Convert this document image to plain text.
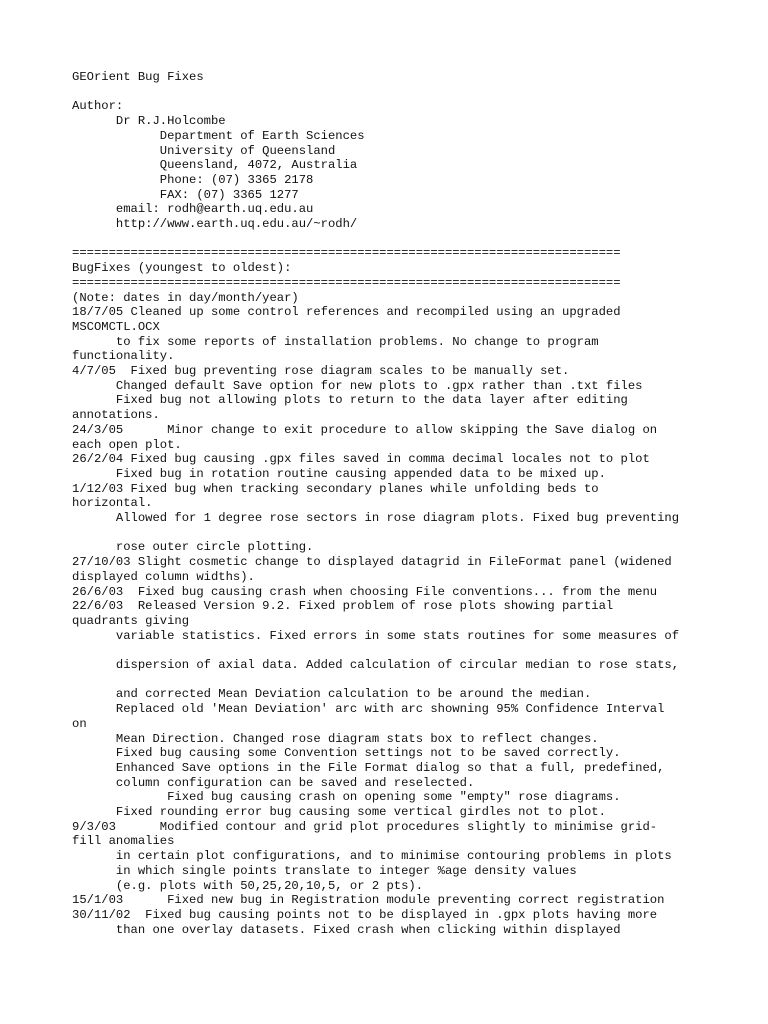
GEOrient Bug Fixes
Author:
Dr R.J.Holcombe
Department of Earth Sciences
University of Queensland
Queensland, 4072, Australia
Phone: (07) 3365 2178
FAX: (07) 3365 1277
email: rodh@earth.uq.edu.au
http://www.earth.uq.edu.au/~rodh/
===========================================================================
BugFixes (youngest to oldest):
===========================================================================
(Note: dates in day/month/year)
18/7/05 Cleaned up some control references and recompiled using an upgraded
MSCOMCTL.OCX
to fix some reports of installation problems. No change to program
functionality.
4/7/05  Fixed bug preventing rose diagram scales to be manually set.
Changed default Save option for new plots to .gpx rather than .txt files
Fixed bug not allowing plots to return to the data layer after editing
annotations.
24/3/05      Minor change to exit procedure to allow skipping the Save dialog on
each open plot.
26/2/04 Fixed bug causing .gpx files saved in comma decimal locales not to plot
Fixed bug in rotation routine causing appended data to be mixed up.
1/12/03 Fixed bug when tracking secondary planes while unfolding beds to
horizontal.
Allowed for 1 degree rose sectors in rose diagram plots. Fixed bug preventing
rose outer circle plotting.
27/10/03 Slight cosmetic change to displayed datagrid in FileFormat panel (widened
displayed column widths).
26/6/03  Fixed bug causing crash when choosing File conventions... from the menu
22/6/03  Released Version 9.2. Fixed problem of rose plots showing partial
quadrants giving
variable statistics. Fixed errors in some stats routines for some measures of
dispersion of axial data. Added calculation of circular median to rose stats,
and corrected Mean Deviation calculation to be around the median.
Replaced old 'Mean Deviation' arc with arc showning 95% Confidence Interval
on
Mean Direction. Changed rose diagram stats box to reflect changes.
Fixed bug causing some Convention settings not to be saved correctly.
Enhanced Save options in the File Format dialog so that a full, predefined,
column configuration can be saved and reselected.
Fixed bug causing crash on opening some "empty" rose diagrams.
Fixed rounding error bug causing some vertical girdles not to plot.
9/3/03      Modified contour and grid plot procedures slightly to minimise grid-
fill anomalies
in certain plot configurations, and to minimise contouring problems in plots
in which single points translate to integer %age density values
(e.g. plots with 50,25,20,10,5, or 2 pts).
15/1/03      Fixed new bug in Registration module preventing correct registration
30/11/02  Fixed bug causing points not to be displayed in .gpx plots having more
than one overlay datasets. Fixed crash when clicking within displayed
